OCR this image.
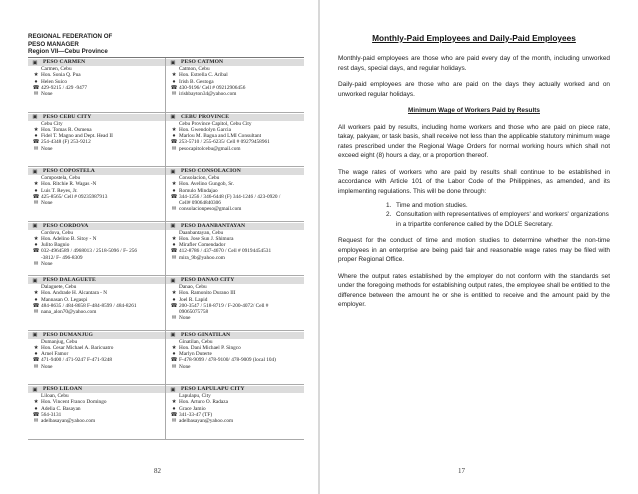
REGIONAL FEDERATION OF
PESO MANAGER
Region VII—Cebu Province
▣ PESO CARMEN
Carmen, Cebu
★ Hon. Sonia Q. Pua
● Helen Suico
☎ 429-9215 / 429 -9477
✉ None
▣ PESO CATMON
Catmon, Cebu
★ Hon. Estrella C. Aribal
● Irish B. Gestoga
☎ 430-9196/ Cell # 09212906456
✉ irishbayton34@yahoo.com
▣ PESO CEBU CITY
Cebu City
★ Hon. Tomas R. Osmena
● Fidel T. Magno and Dept. Head II
☎ 254-4348 (F) 253-9212
✉ None
▣ CEBU PROVINCE
Cebu Province Capitol, Cebu City
★ Hon. Gwendolyn Garcia
● Marlou M. Bagua and LMI Consultant
☎ 253-5710 / 255-6235/ Cell # 09279458961
✉ pesocapitolcebu@gmail.com
▣ PESO COPOSTELA
Compostela, Cebu
★ Hon. Ritchie R. Wagas -N
● Luis T. Reyes, Jr.
☎ 425-8565/ Cell # 09235987913
✉ None
▣ PESO CONSOLACION
Consolacion, Cebu
★ Hon. Avelino Gungob, Sr.
● Romulo Mindajao
☎ 344-1256 / 346-6448 (F) 344-1246 / 423-0920 /
Cell# 09064840306
✉ consolacionpeso@gmail.com
▣ PESO CORDOVA
Cordova, Cebu
★ Hon. Adelino B. Sitoy - N
● Julito Bagnio
☎ 032-4964589 / 4968013 / 2518-5096 / F- 256
-3812/ F- 496-8309
✉ None
▣ PESO DAANBANTAYAN
Daanbantayan, Cebu
★ Hon. Jose Sun J. Shimura
● Mirafler Comendador
☎ 412-8786 / 437-4670 / Cell # 09194454531
✉ mira_9b@yahoo.com
▣ PESO DALAGUETE
Dalaguete, Cebu
★ Hon. Andrade H. Alcantara - N
● Mannasan O. Legaspi
☎ 484-8635 / 484-8658 F-484-8599 / 484-8261
✉ nana_alon70@yahoo.com
▣ PESO DANAO CITY
Danao, Cebu
★ Hon. Ramonito Durano III
● Joel R. Lapid
☎ 200-3547 / 518-8719 / F-200-4072/ Cell #
09065075758
✉ None
▣ PESO DUMANJUG
Dumanjug, Cebu
★ Hon. Cesar Michael A. Baricuatro
● Arnel Famor
☎ 471-9400 / 471-9247 F-471-9248
✉ None
▣ PESO GINATILAN
Ginatilan, Cebu
★ Hon. Dani Michael P. Singco
● Marlyn Duterte
☎ F-478-9099 / 478-9100/ 478-9009 (local 104)
✉ None
▣ PESO LILOAN
Liloan, Cebu
★ Hon. Vincent Franco Domingo
● Adelia C. Basayan
☎ 564-3131
✉ adelbasayan@yahoo.com
▣ PESO LAPULAPU CITY
Lapulapu, City
★ Hon. Arturo O. Radaza
● Grace Jamio
☎ 341-33-47 (TF)
✉ adelbasayan@yahoo.com
82
Monthly-Paid Employees and Daily-Paid Employees

Monthly-paid employees are those who are paid every day of the month, including unworked rest days, special days, and regular holidays.

Daily-paid employees are those who are paid on the days they actually worked and on unworked regular holidays.

Minimum Wage of Workers Paid by Results

All workers paid by results, including home workers and those who are paid on piece rate, takay, pakyaw, or task basis, shall receive not less than the applicable statutory minimum wage rates prescribed under the Regional Wage Orders for normal working hours which shall not exceed eight (8) hours a day, or a proportion thereof.

The wage rates of workers who are paid by results shall continue to be established in accordance with Article 101 of the Labor Code of the Philippines, as amended, and its implementing regulations. This will be done through:

1. Time and motion studies.
2. Consultation with representatives of employers' and workers' organizations in a tripartite conference called by the DOLE Secretary.

Request for the conduct of time and motion studies to determine whether the non-time employees in an enterprise are being paid fair and reasonable wage rates may be filed with proper Regional Office.

Where the output rates established by the employer do not conform with the standards set under the foregoing methods for establishing output rates, the employee shall be entitled to the difference between the amount he or she is entitled to receive and the amount paid by the employer.

17
